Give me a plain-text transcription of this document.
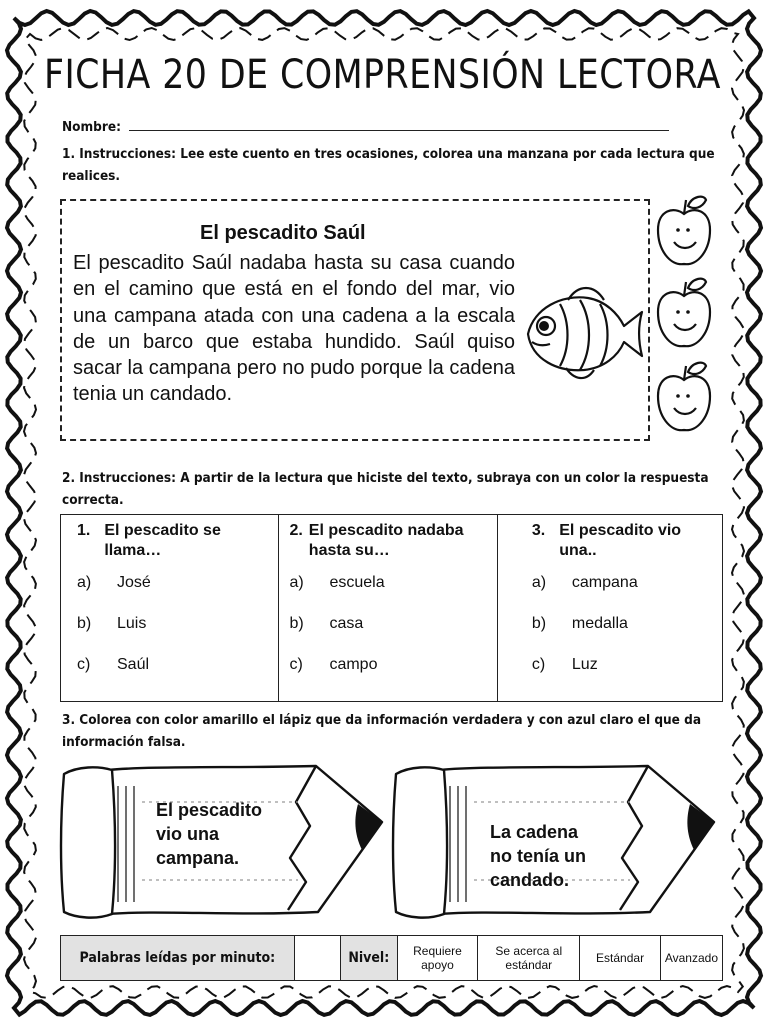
FICHA 20 DE COMPRENSIÓN LECTORA
Nombre:
1. Instrucciones: Lee este cuento en tres ocasiones, colorea una manzana por cada lectura que realices.
El pescadito Saúl
El pescadito Saúl nadaba hasta su casa cuando en el camino que está en el fondo del mar, vio una campana atada con una cadena a la escala de un barco que estaba hundido. Saúl quiso sacar la campana pero no pudo porque la cadena tenia un candado.
2. Instrucciones: A partir de la lectura que hiciste del texto, subraya con un color la respuesta correcta.
1. El pescadito se llama…
a) José
b) Luis
c) Saúl

2. El pescadito nadaba hasta su…
a) escuela
b) casa
c) campo

3. El pescadito vio una..
a) campana
b) medalla
c) Luz
3. Colorea con color amarillo el lápiz que da información verdadera y con azul claro el que da información falsa.
El pescadito
vio una
campana.
La cadena
no tenía un
candado.
Palabras leídas por minuto:		Nivel:	Requiere apoyo	Se acerca al estándar	Estándar	Avanzado
